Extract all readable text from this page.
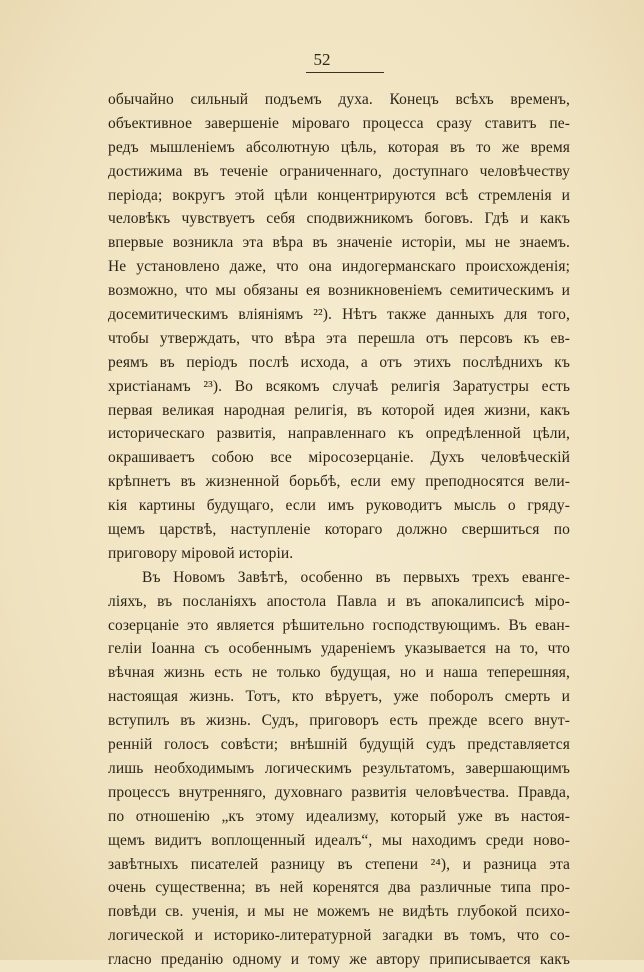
52
обычайно сильный подъемъ духа. Конецъ всѣхъ временъ,
объективное завершеніе міроваго процесса сразу ставитъ пе-
редъ мышленіемъ абсолютную цѣль, которая въ то же время
достижима въ теченіе ограниченнаго, доступнаго человѣчеству
періода; вокругъ этой цѣли концентрируются всѣ стремленія и
человѣкъ чувствуетъ себя сподвижникомъ боговъ. Гдѣ и какъ
впервые возникла эта вѣра въ значеніе исторіи, мы не знаемъ.
Не установлено даже, что она индогерманскаго происхожденія;
возможно, что мы обязаны ея возникновеніемъ семитическимъ и
досемитическимъ вліяніямъ ²²). Нѣтъ также данныхъ для того,
чтобы утверждать, что вѣра эта перешла отъ персовъ къ ев-
реямъ въ періодъ послѣ исхода, а отъ этихъ послѣднихъ къ
христіанамъ ²³). Во всякомъ случаѣ религія Заратустры есть
первая великая народная религія, въ которой идея жизни, какъ
историческаго развитія, направленнаго къ опредѣленной цѣли,
окрашиваетъ собою все міросозерцаніе. Духъ человѣческій
крѣпнетъ въ жизненной борьбѣ, если ему преподносятся вели-
кія картины будущаго, если имъ руководитъ мысль о гряду-
щемъ царствѣ, наступленіе котораго должно свершиться по
приговору міровой исторіи.
Въ Новомъ Завѣтѣ, особенно въ первыхъ трехъ еванге-
ліяхъ, въ посланіяхъ апостола Павла и въ апокалипсисѣ міро-
созерцаніе это является рѣшительно господствующимъ. Въ еван-
геліи Іоанна съ особеннымъ удареніемъ указывается на то, что
вѣчная жизнь есть не только будущая, но и наша теперешняя,
настоящая жизнь. Тотъ, кто вѣруетъ, уже поборолъ смерть и
вступилъ въ жизнь. Судъ, приговоръ есть прежде всего внут-
ренній голосъ совѣсти; внѣшній будущій судъ представляется
лишь необходимымъ логическимъ результатомъ, завершающимъ
процессъ внутренняго, духовнаго развитія человѣчества. Правда,
по отношенію „къ этому идеализму, который уже въ настоя-
щемъ видитъ воплощенный идеалъ“, мы находимъ среди ново-
завѣтныхъ писателей разницу въ степени ²⁴), и разница эта
очень существенна; въ ней коренятся два различные типа про-
повѣди св. ученія, и мы не можемъ не видѣть глубокой психо-
логической и историко-литературной загадки въ томъ, что со-
гласно преданію одному и тому же автору приписывается какъ
